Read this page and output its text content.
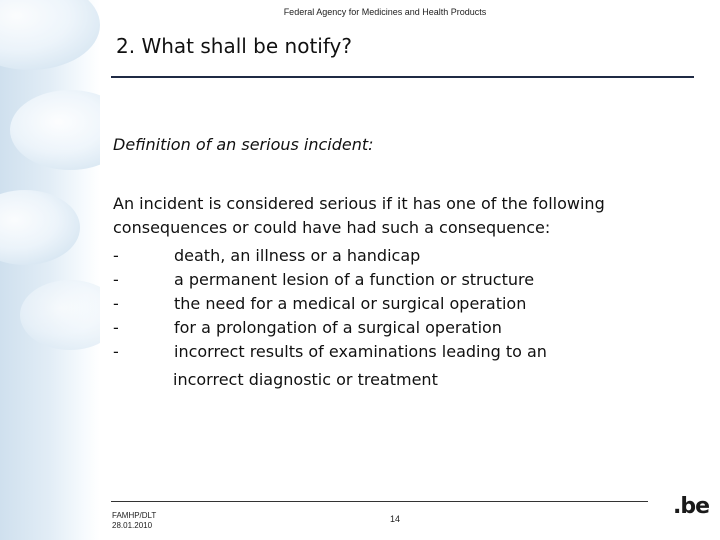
Federal Agency for Medicines and Health Products
2. What shall be notify?
Definition of an serious incident:
An incident is considered serious if it has one of the following consequences or could have had such a consequence:
-	death, an illness or a handicap
-	a permanent lesion of a function or structure
-	the need for a medical or surgical operation
-	for a prolongation of a surgical operation
-	incorrect results of examinations leading to an
incorrect diagnostic or treatment
FAMHP/DLT
28.01.2010
14	.be
